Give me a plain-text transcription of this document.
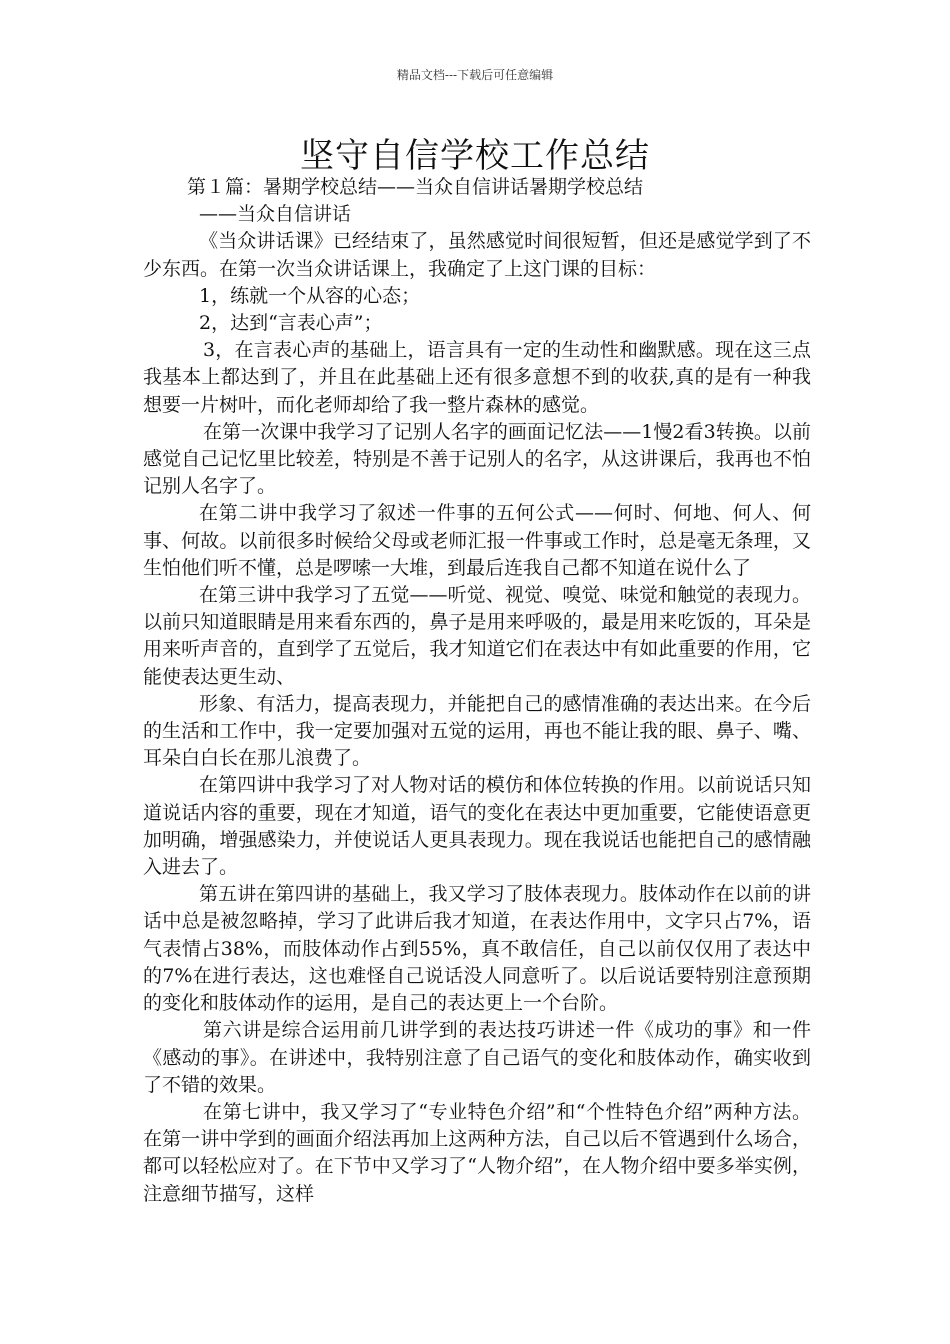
精品文档---下载后可任意编辑
坚守自信学校工作总结

第１篇：暑期学校总结——当众自信讲话暑期学校总结

——当众自信讲话

《当众讲话课》已经结束了，虽然感觉时间很短暂，但还是感觉学到了不少东西。在第一次当众讲话课上，我确定了上这门课的目标：

1，练就一个从容的心态；

2，达到“言表心声”；

3，在言表心声的基础上，语言具有一定的生动性和幽默感。现在这三点我基本上都达到了，并且在此基础上还有很多意想不到的收获,真的是有一种我想要一片树叶，而化老师却给了我一整片森林的感觉。

在第一次课中我学习了记别人名字的画面记忆法——1慢2看3转换。以前感觉自己记忆里比较差，特别是不善于记别人的名字，从这讲课后，我再也不怕记别人名字了。

在第二讲中我学习了叙述一件事的五何公式——何时、何地、何人、何事、何故。以前很多时候给父母或老师汇报一件事或工作时，总是毫无条理，又生怕他们听不懂，总是啰嗦一大堆，到最后连我自己都不知道在说什么了

在第三讲中我学习了五觉——听觉、视觉、嗅觉、味觉和触觉的表现力。以前只知道眼睛是用来看东西的，鼻子是用来呼吸的，最是用来吃饭的，耳朵是用来听声音的，直到学了五觉后，我才知道它们在表达中有如此重要的作用，它能使表达更生动、

形象、有活力，提高表现力，并能把自己的感情准确的表达出来。在今后的生活和工作中，我一定要加强对五觉的运用，再也不能让我的眼、鼻子、嘴、耳朵白白长在那儿浪费了。

在第四讲中我学习了对人物对话的模仿和体位转换的作用。以前说话只知道说话内容的重要，现在才知道，语气的变化在表达中更加重要，它能使语意更加明确，增强感染力，并使说话人更具表现力。现在我说话也能把自己的感情融入进去了。

第五讲在第四讲的基础上，我又学习了肢体表现力。肢体动作在以前的讲话中总是被忽略掉，学习了此讲后我才知道，在表达作用中，文字只占7%，语气表情占38%，而肢体动作占到55%，真不敢信任，自己以前仅仅用了表达中的7%在进行表达，这也难怪自己说话没人同意听了。以后说话要特别注意预期的变化和肢体动作的运用，是自己的表达更上一个台阶。

第六讲是综合运用前几讲学到的表达技巧讲述一件《成功的事》和一件《感动的事》。在讲述中，我特别注意了自己语气的变化和肢体动作，确实收到了不错的效果。

在第七讲中，我又学习了“专业特色介绍”和“个性特色介绍”两种方法。在第一讲中学到的画面介绍法再加上这两种方法，自己以后不管遇到什么场合，都可以轻松应对了。在下节中又学习了“人物介绍”，在人物介绍中要多举实例，注意细节描写，这样
